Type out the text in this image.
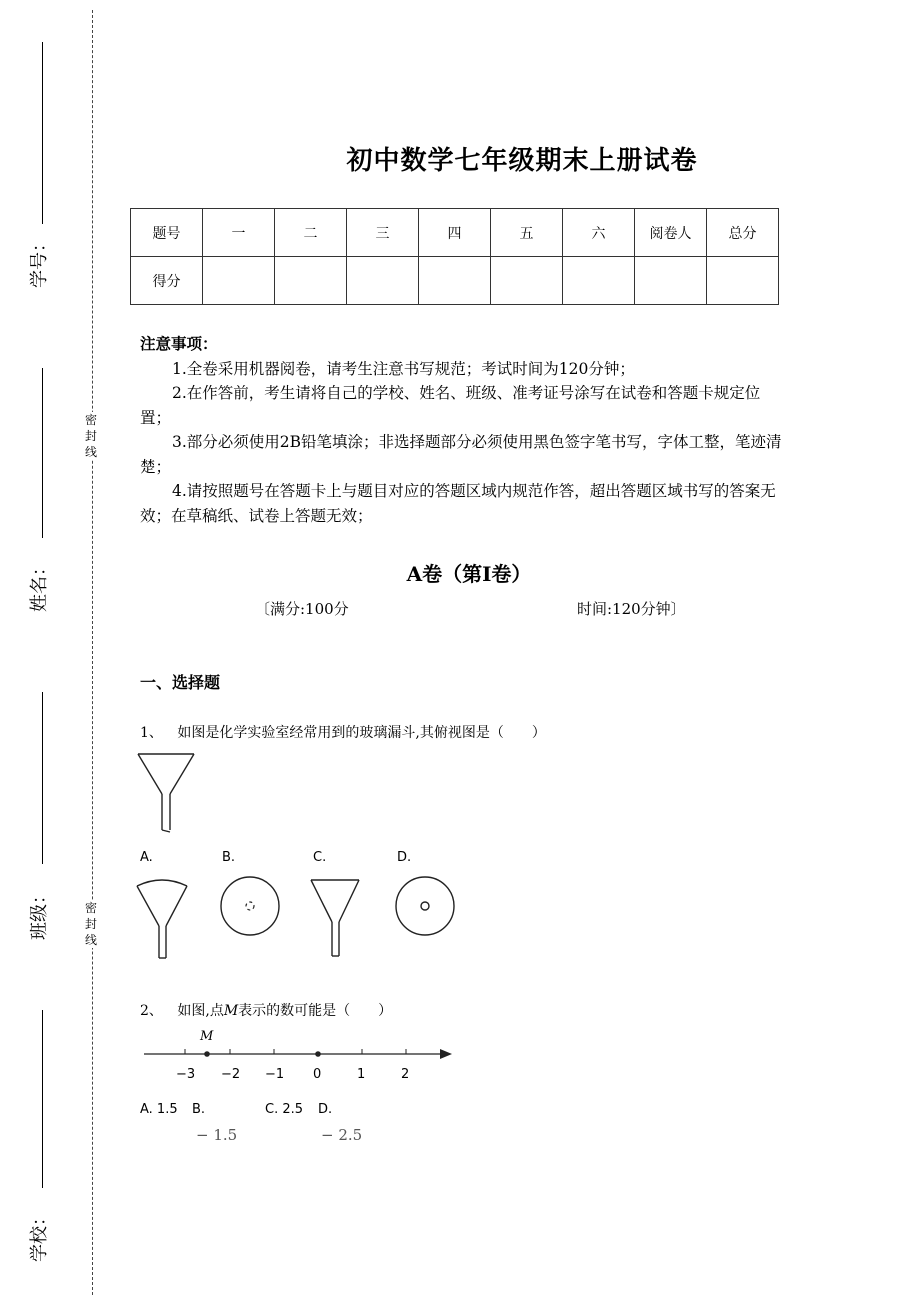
学号：
姓名：
班级：
学校：
密封线
密封线
初中数学七年级期末上册试卷
题号	一	二	三	四	五	六	阅卷人	总分
得分								
注意事项：
1.全卷采用机器阅卷，请考生注意书写规范；考试时间为120分钟；
2.在作答前，考生请将自己的学校、姓名、班级、准考证号涂写在试卷和答题卡规定位置；
3.部分必须使用2B铅笔填涂；非选择题部分必须使用黑色签字笔书写，字体工整，笔迹清楚；
4.请按照题号在答题卡上与题目对应的答题区域内规范作答，超出答题区域书写的答案无效；在草稿纸、试卷上答题无效；
A卷（第Ⅰ卷）
〔满分:100分	时间:120分钟〕
一、选择题
1、 如图是化学实验室经常用到的玻璃漏斗,其俯视图是（　　）
A.	B.	C.	D.
2、 如图,点M表示的数可能是（　　）
M
−3 −2 −1 0	1	2
A. 1.5 B.	C. 2.5 D.
− 1.5	− 2.5
